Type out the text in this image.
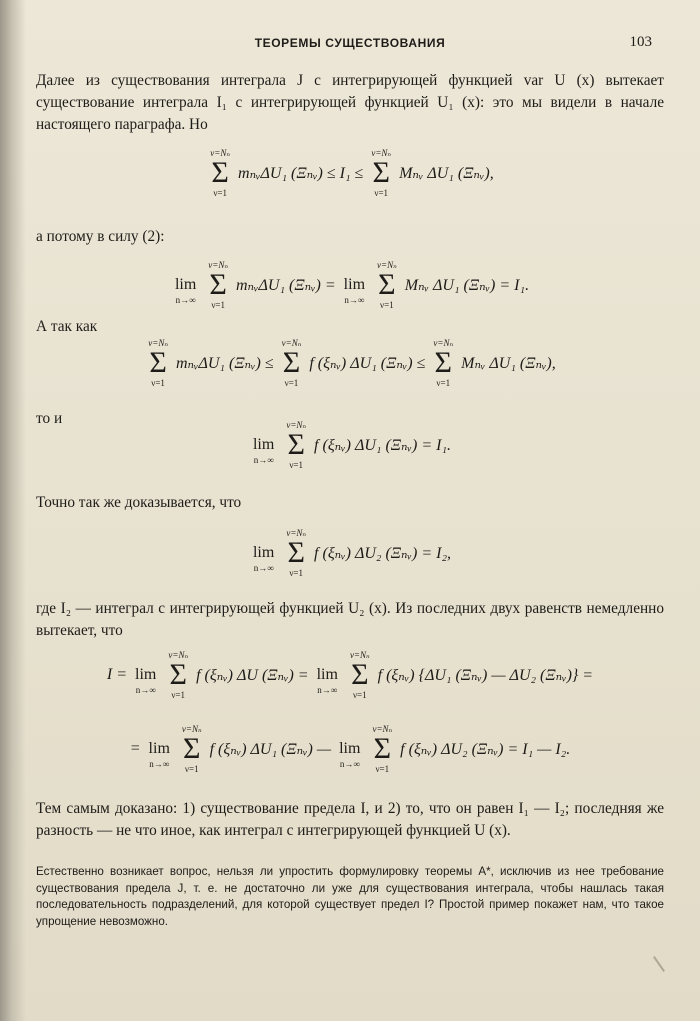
ТЕОРЕМЫ СУЩЕСТВОВАНИЯ	103
Далее из существования интеграла J с интегрирующей функцией var U (x) вытекает существование интеграла I₁ с интегрирующей функцией U₁ (x): это мы видели в начале настоящего параграфа. Но
ν=Nₙ
Σ
ν=1
mₙᵥΔU₁ (Ξₙᵥ) ≤ I₁ ≤
ν=Nₙ
Σ
ν=1
Mₙᵥ ΔU₁ (Ξₙᵥ),
а потому в силу (2):
lim
n→∞
ν=Nₙ
Σ
ν=1
mₙᵥΔU₁ (Ξₙᵥ) = lim
n→∞
ν=Nₙ
Σ
ν=1
Mₙᵥ ΔU₁ (Ξₙᵥ) = I₁.
А так как
ν=Nₙ
Σ
ν=1
mₙᵥΔU₁ (Ξₙᵥ) ≤
ν=Nₙ
Σ
ν=1
f (ξₙᵥ) ΔU₁ (Ξₙᵥ) ≤
ν=Nₙ
Σ
ν=1
Mₙᵥ ΔU₁ (Ξₙᵥ),
то и
lim
n→∞
ν=Nₙ
Σ
ν=1
f (ξₙᵥ) ΔU₁ (Ξₙᵥ) = I₁.
Точно так же доказывается, что
lim
n→∞
ν=Nₙ
Σ
ν=1
f (ξₙᵥ) ΔU₂ (Ξₙᵥ) = I₂,
где I₂ — интеграл с интегрирующей функцией U₂ (x). Из последних двух равенств немедленно вытекает, что
I = lim
n→∞
ν=Nₙ
Σ
ν=1
f (ξₙᵥ) ΔU (Ξₙᵥ) = lim
n→∞
ν=Nₙ
Σ
ν=1
f (ξₙᵥ) {ΔU₁ (Ξₙᵥ) — ΔU₂ (Ξₙᵥ)} =
= lim
n→∞
ν=Nₙ
Σ
ν=1
f (ξₙᵥ) ΔU₁ (Ξₙᵥ) — lim
n→∞
ν=Nₙ
Σ
ν=1
f (ξₙᵥ) ΔU₂ (Ξₙᵥ) = I₁ — I₂.
Тем самым доказано: 1) существование предела I, и 2) то, что он равен I₁ — I₂; последняя же разность — не что иное, как интеграл с интегрирующей функцией U (x).
Естественно возникает вопрос, нельзя ли упростить формулировку теоремы A*, исключив из нее требование существования предела J, т. е. не достаточно ли уже для существования интеграла, чтобы нашлась такая последовательность подразделений, для которой существует предел I? Простой пример покажет нам, что такое упрощение невозможно.
